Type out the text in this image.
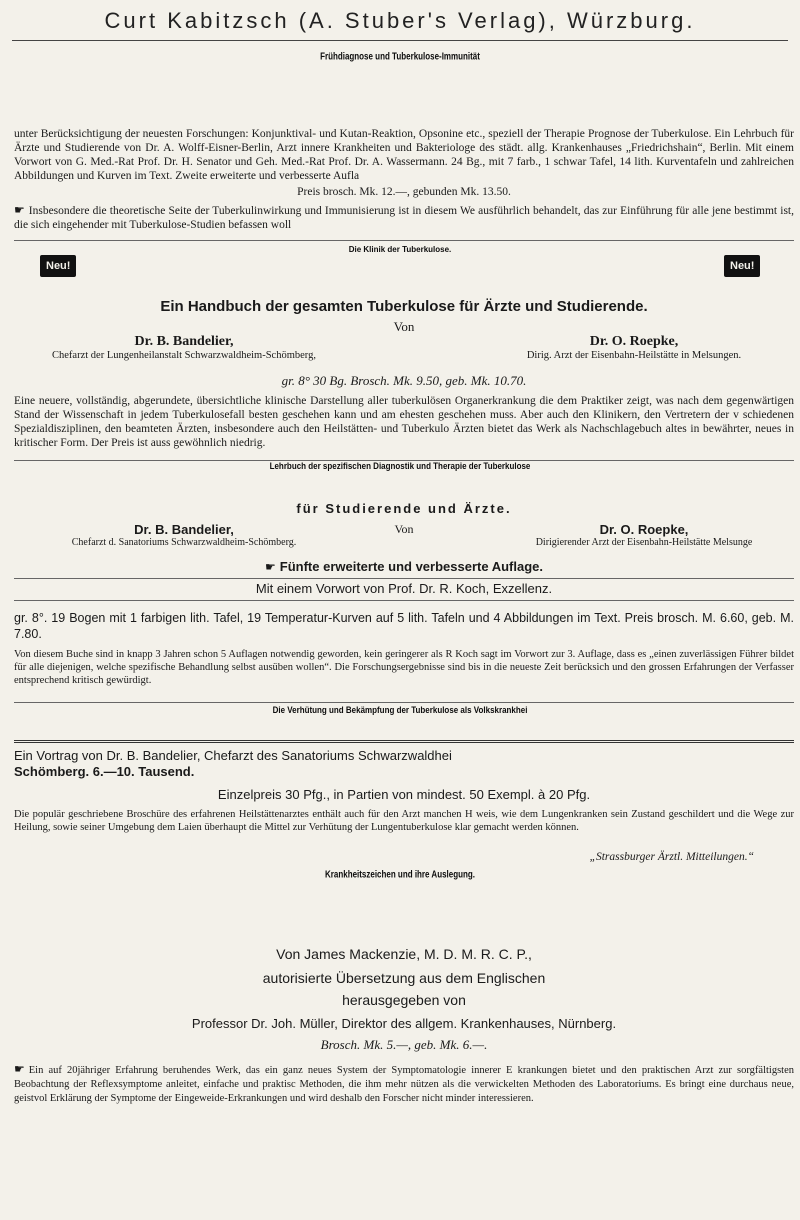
Curt Kabitzsch (A. Stuber's Verlag), Würzburg.
Frühdiagnose und Tuberkulose-Immunität
unter Berücksichtigung der neuesten Forschungen: Konjunktival- und Kutan-Reaktion, Opsonine etc., speziell der Therapie Prognose der Tuberkulose. Ein Lehrbuch für Ärzte und Studierende von Dr. A. Wolff-Eisner-Berlin, Arzt innere Krankheiten und Bakteriologe des städt. allg. Krankenhauses „Friedrichshain“, Berlin. Mit einem Vorwort von G. Med.-Rat Prof. Dr. H. Senator und Geh. Med.-Rat Prof. Dr. A. Wassermann. 24 Bg., mit 7 farb., 1 schwar Tafel, 14 lith. Kurventafeln und zahlreichen Abbildungen und Kurven im Text. Zweite erweiterte und verbesserte Aufla
Preis brosch. Mk. 12.—, gebunden Mk. 13.50.
☛ Insbesondere die theoretische Seite der Tuberkulinwirkung und Immunisierung ist in diesem We ausführlich behandelt, das zur Einführung für alle jene bestimmt ist, die sich eingehender mit Tuberkulose-Studien befassen woll
Neu!	Neu!
Die Klinik der Tuberkulose.
Ein Handbuch der gesamten Tuberkulose für Ärzte und Studierende.
Von
Dr. B. Bandelier,
Chefarzt der Lungenheilanstalt Schwarzwaldheim-Schömberg,
Dr. O. Roepke,
Dirig. Arzt der Eisenbahn-Heilstätte in Melsungen.
gr. 8° 30 Bg. Brosch. Mk. 9.50, geb. Mk. 10.70.
Eine neuere, vollständig, abgerundete, übersichtliche klinische Darstellung aller tuberkulösen Organerkrankung die dem Praktiker zeigt, was nach dem gegenwärtigen Stand der Wissenschaft in jedem Tuberkulosefall besten geschehen kann und am ehesten geschehen muss. Aber auch den Klinikern, den Vertretern der v schiedenen Spezialdisziplinen, den beamteten Ärzten, insbesondere auch den Heilstätten- und Tuberkulo Ärzten bietet das Werk als Nachschlagebuch altes in bewährter, neues in kritischer Form. Der Preis ist auss gewöhnlich niedrig.
Lehrbuch der spezifischen Diagnostik und Therapie der Tuberkulose
für Studierende und Ärzte.
Dr. B. Bandelier,
Chefarzt d. Sanatoriums Schwarzwaldheim-Schömberg.
Von	Dr. O. Roepke,
Dirigierender Arzt der Eisenbahn-Heilstätte Melsunge
☛ Fünfte erweiterte und verbesserte Auflage.
Mit einem Vorwort von Prof. Dr. R. Koch, Exzellenz.
gr. 8°. 19 Bogen mit 1 farbigen lith. Tafel, 19 Temperatur-Kurven auf 5 lith. Tafeln und 4 Abbildungen im Text. Preis brosch. M. 6.60, geb. M. 7.80.
Von diesem Buche sind in knapp 3 Jahren schon 5 Auflagen notwendig geworden, kein geringerer als R Koch sagt im Vorwort zur 3. Auflage, dass es „einen zuverlässigen Führer bildet für alle diejenigen, welche spezifische Behandlung selbst ausüben wollen“. Die Forschungsergebnisse sind bis in die neueste Zeit berücksich und den grossen Erfahrungen der Verfasser entsprechend kritisch gewürdigt.
Die Verhütung und Bekämpfung der Tuberkulose als Volkskrankhei
Ein Vortrag von Dr. B. Bandelier, Chefarzt des Sanatoriums Schwarzwaldhei
Schömberg. 6.—10. Tausend.
Einzelpreis 30 Pfg., in Partien von mindest. 50 Exempl. à 20 Pfg.
Die populär geschriebene Broschüre des erfahrenen Heilstättenarztes enthält auch für den Arzt manchen H weis, wie dem Lungenkranken sein Zustand geschildert und die Wege zur Heilung, sowie seiner Umgebung dem Laien überhaupt die Mittel zur Verhütung der Lungentuberkulose klar gemacht werden können.
„Strassburger Ärztl. Mitteilungen.“
Krankheitszeichen und ihre Auslegung.
Von James Mackenzie, M. D. M. R. C. P.,
autorisierte Übersetzung aus dem Englischen
herausgegeben von
Professor Dr. Joh. Müller, Direktor des allgem. Krankenhauses, Nürnberg.
Brosch. Mk. 5.—, geb. Mk. 6.—.
☛ Ein auf 20jähriger Erfahrung beruhendes Werk, das ein ganz neues System der Symptomatologie innerer E krankungen bietet und den praktischen Arzt zur sorgfältigsten Beobachtung der Reflexsymptome anleitet, einfache und praktisc Methoden, die ihm mehr nützen als die verwickelten Methoden des Laboratoriums. Es bringt eine durchaus neue, geistvol Erklärung der Symptome der Eingeweide-Erkrankungen und wird deshalb den Forscher nicht minder interessieren.
